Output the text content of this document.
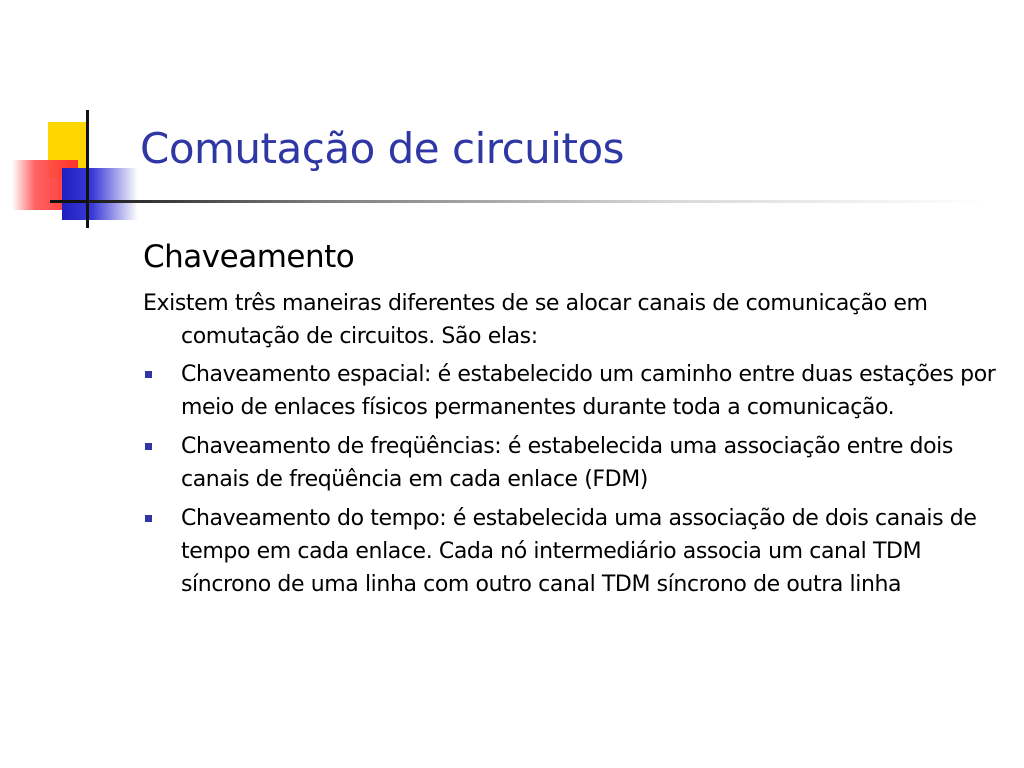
Comutação de circuitos
Chaveamento

Existem três maneiras diferentes de se alocar canais de comunicação em comutação de circuitos. São elas:

Chaveamento espacial: é estabelecido um caminho entre duas estações por meio de enlaces físicos permanentes durante toda a comunicação.
Chaveamento de freqüências: é estabelecida uma associação entre dois canais de freqüência em cada enlace (FDM)
Chaveamento do tempo: é estabelecida uma associação de dois canais de tempo em cada enlace. Cada nó intermediário associa um canal TDM síncrono de uma linha com outro canal TDM síncrono de outra linha
